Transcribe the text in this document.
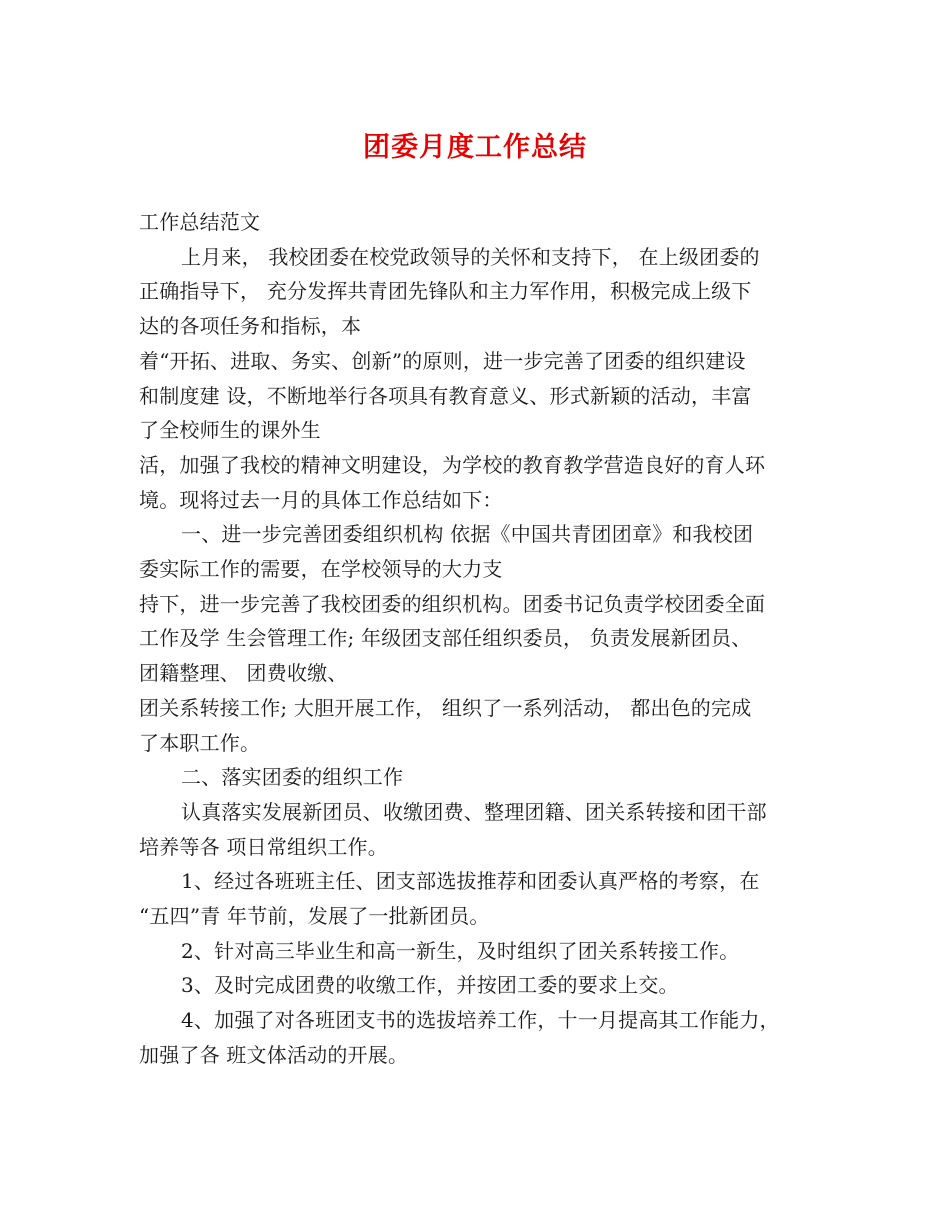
团委月度工作总结
工作总结范文
上月来， 我校团委在校党政领导的关怀和支持下， 在上级团委的
正确指导下， 充分发挥共青团先锋队和主力军作用，积极完成上级下
达的各项任务和指标，本
着“开拓、进取、务实、创新”的原则，进一步完善了团委的组织建设
和制度建 设，不断地举行各项具有教育意义、形式新颖的活动，丰富
了全校师生的课外生
活，加强了我校的精神文明建设，为学校的教育教学营造良好的育人环
境。现将过去一月的具体工作总结如下：
一、进一步完善团委组织机构 依据《中国共青团团章》和我校团
委实际工作的需要，在学校领导的大力支
持下，进一步完善了我校团委的组织机构。团委书记负责学校团委全面
工作及学 生会管理工作; 年级团支部任组织委员， 负责发展新团员、
团籍整理、 团费收缴、
团关系转接工作; 大胆开展工作， 组织了一系列活动， 都出色的完成
了本职工作。
二、落实团委的组织工作
认真落实发展新团员、收缴团费、整理团籍、团关系转接和团干部
培养等各 项日常组织工作。
1、经过各班班主任、团支部选拔推荐和团委认真严格的考察，在
“五四”青 年节前，发展了一批新团员。
2、针对高三毕业生和高一新生，及时组织了团关系转接工作。
3、及时完成团费的收缴工作，并按团工委的要求上交。
4、加强了对各班团支书的选拔培养工作，十一月提高其工作能力，
加强了各 班文体活动的开展。
